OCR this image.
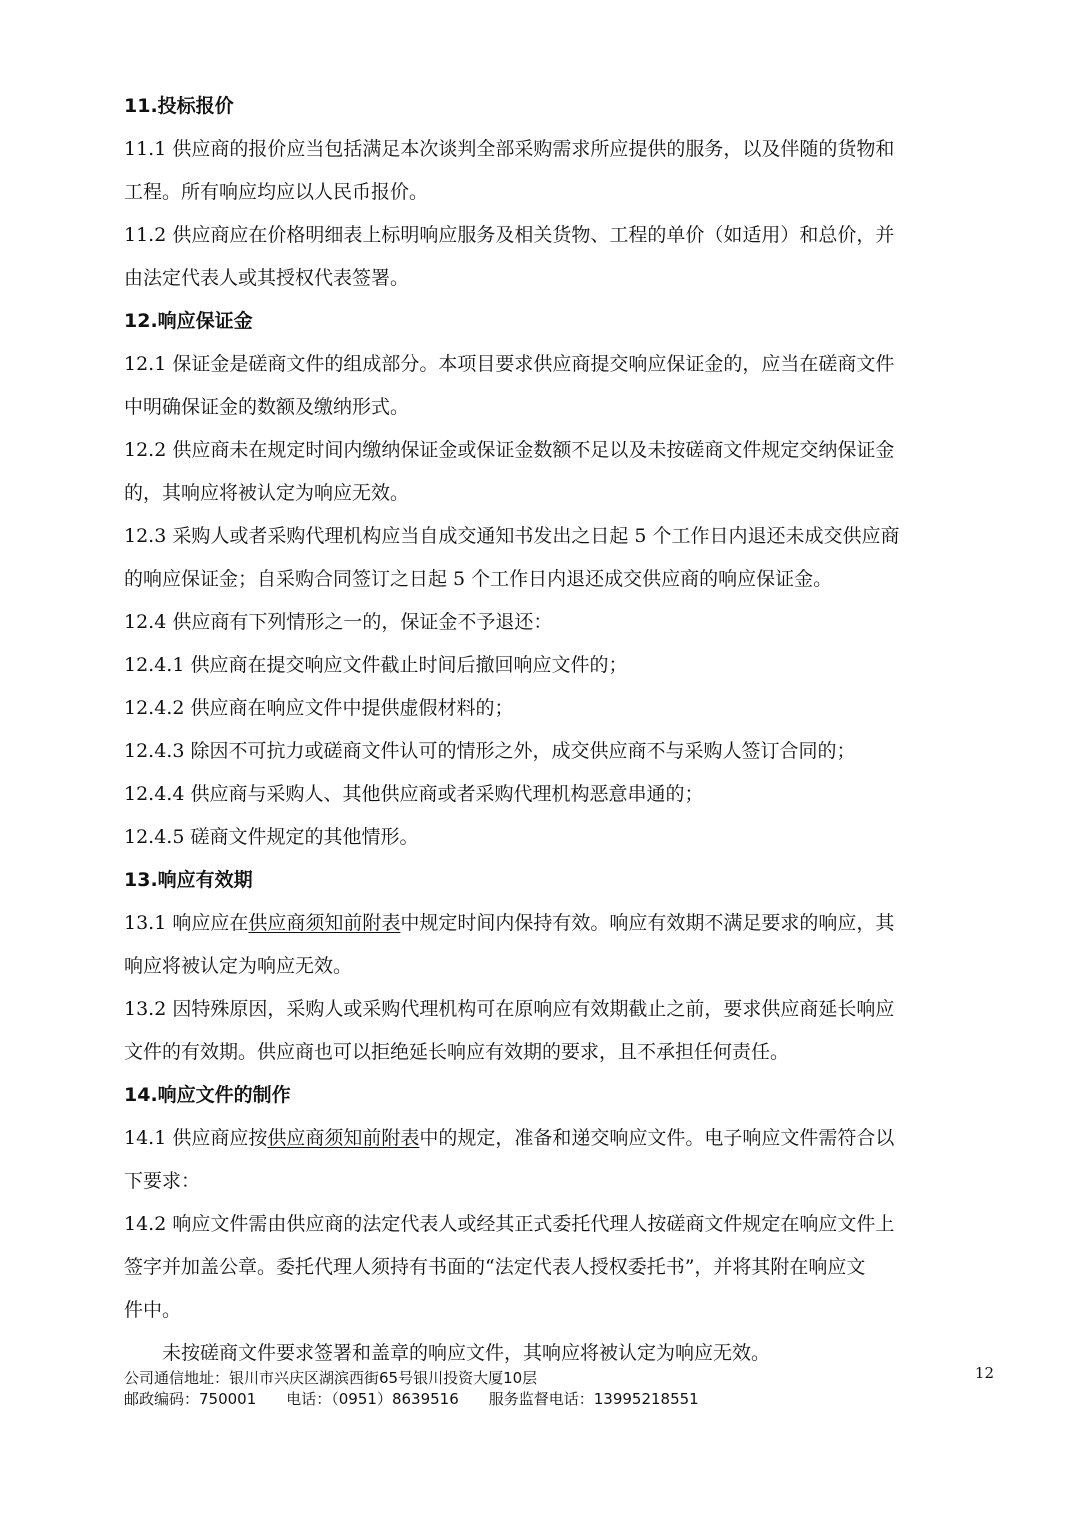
11.投标报价

11.1 供应商的报价应当包括满足本次谈判全部采购需求所应提供的服务，以及伴随的货物和

工程。所有响应均应以人民币报价。

11.2 供应商应在价格明细表上标明响应服务及相关货物、工程的单价（如适用）和总价，并

由法定代表人或其授权代表签署。

12.响应保证金

12.1 保证金是磋商文件的组成部分。本项目要求供应商提交响应保证金的，应当在磋商文件

中明确保证金的数额及缴纳形式。

12.2 供应商未在规定时间内缴纳保证金或保证金数额不足以及未按磋商文件规定交纳保证金

的，其响应将被认定为响应无效。

12.3 采购人或者采购代理机构应当自成交通知书发出之日起 5 个工作日内退还未成交供应商

的响应保证金；自采购合同签订之日起 5 个工作日内退还成交供应商的响应保证金。

12.4 供应商有下列情形之一的，保证金不予退还：

12.4.1 供应商在提交响应文件截止时间后撤回响应文件的；

12.4.2 供应商在响应文件中提供虚假材料的；

12.4.3 除因不可抗力或磋商文件认可的情形之外，成交供应商不与采购人签订合同的；

12.4.4 供应商与采购人、其他供应商或者采购代理机构恶意串通的；

12.4.5 磋商文件规定的其他情形。

13.响应有效期

13.1 响应应在供应商须知前附表中规定时间内保持有效。响应有效期不满足要求的响应，其

响应将被认定为响应无效。

13.2 因特殊原因，采购人或采购代理机构可在原响应有效期截止之前，要求供应商延长响应

文件的有效期。供应商也可以拒绝延长响应有效期的要求，且不承担任何责任。

14.响应文件的制作

14.1 供应商应按供应商须知前附表中的规定，准备和递交响应文件。电子响应文件需符合以

下要求：

14.2 响应文件需由供应商的法定代表人或经其正式委托代理人按磋商文件规定在响应文件上

签字并加盖公章。委托代理人须持有书面的“法定代表人授权委托书”，并将其附在响应文

件中。

未按磋商文件要求签署和盖章的响应文件，其响应将被认定为响应无效。

公司通信地址：银川市兴庆区湖滨西街65号银川投资大厦10层
邮政编码：750001 电话：（0951）8639516 服务监督电话：13995218551
12
